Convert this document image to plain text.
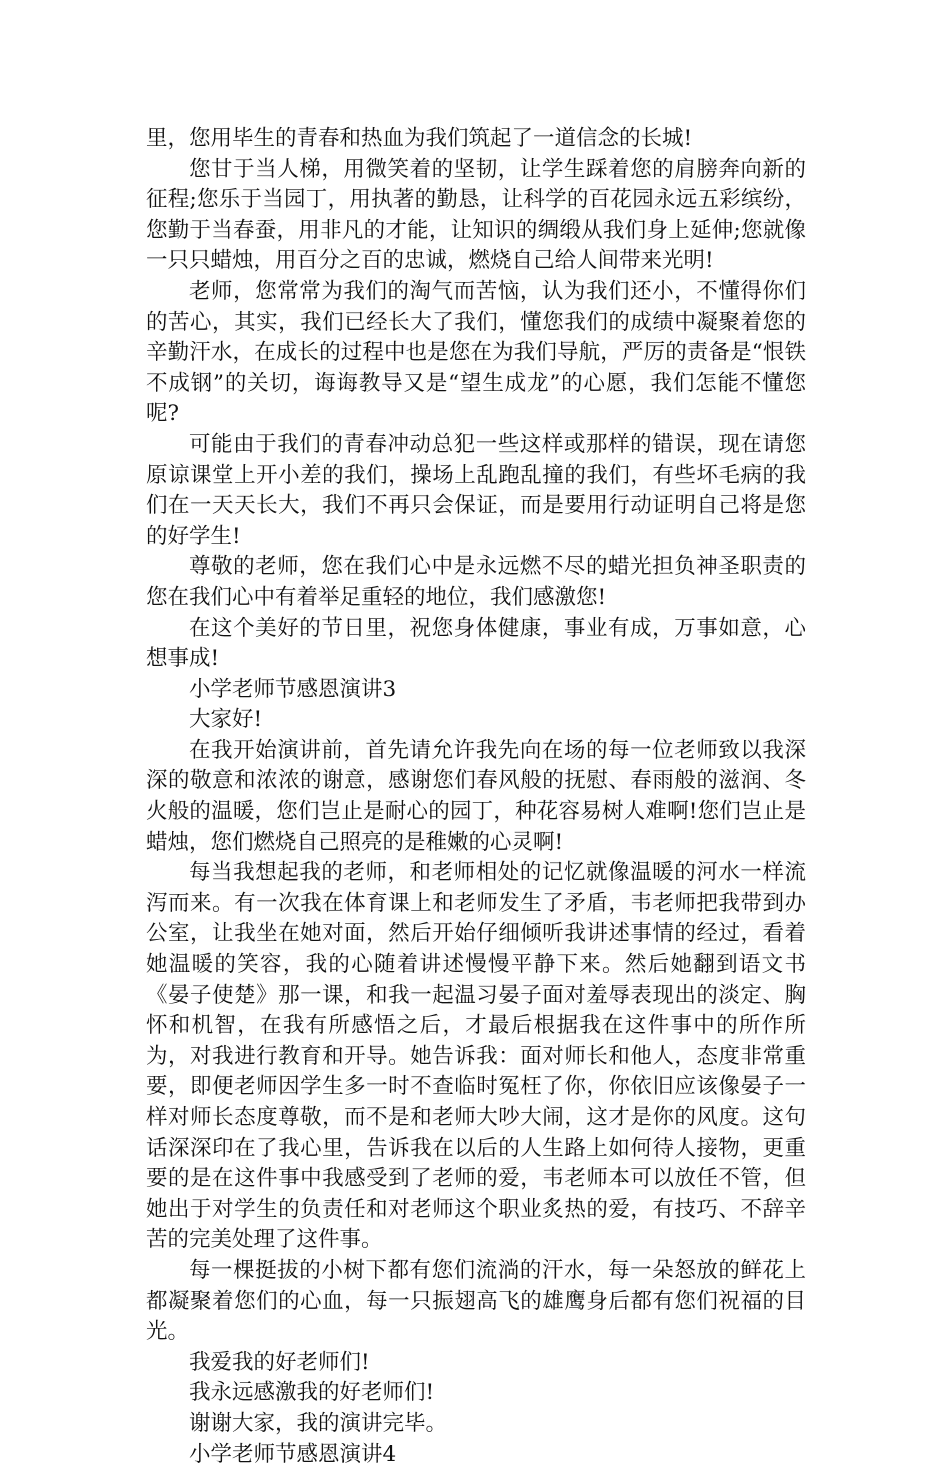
里，您用毕生的青春和热血为我们筑起了一道信念的长城!

您甘于当人梯，用微笑着的坚韧，让学生踩着您的肩膀奔向新的征程;您乐于当园丁，用执著的勤恳，让科学的百花园永远五彩缤纷，您勤于当春蚕，用非凡的才能，让知识的绸缎从我们身上延伸;您就像一只只蜡烛，用百分之百的忠诚，燃烧自己给人间带来光明!

老师，您常常为我们的淘气而苦恼，认为我们还小，不懂得你们的苦心，其实，我们已经长大了我们，懂您我们的成绩中凝聚着您的辛勤汗水，在成长的过程中也是您在为我们导航，严厉的责备是“恨铁不成钢”的关切，诲诲教导又是“望生成龙”的心愿，我们怎能不懂您呢?

可能由于我们的青春冲动总犯一些这样或那样的错误，现在请您原谅课堂上开小差的我们，操场上乱跑乱撞的我们，有些坏毛病的我们在一天天长大，我们不再只会保证，而是要用行动证明自己将是您的好学生!

尊敬的老师，您在我们心中是永远燃不尽的蜡光担负神圣职责的您在我们心中有着举足重轻的地位，我们感激您!

在这个美好的节日里，祝您身体健康，事业有成，万事如意，心想事成!

小学老师节感恩演讲3

大家好!

在我开始演讲前，首先请允许我先向在场的每一位老师致以我深深的敬意和浓浓的谢意，感谢您们春风般的抚慰、春雨般的滋润、冬火般的温暖，您们岂止是耐心的园丁，种花容易树人难啊!您们岂止是蜡烛，您们燃烧自己照亮的是稚嫩的心灵啊!

每当我想起我的老师，和老师相处的记忆就像温暖的河水一样流泻而来。有一次我在体育课上和老师发生了矛盾，韦老师把我带到办公室，让我坐在她对面，然后开始仔细倾听我讲述事情的经过，看着她温暖的笑容，我的心随着讲述慢慢平静下来。然后她翻到语文书《晏子使楚》那一课，和我一起温习晏子面对羞辱表现出的淡定、胸怀和机智，在我有所感悟之后，才最后根据我在这件事中的所作所为，对我进行教育和开导。她告诉我：面对师长和他人，态度非常重要，即便老师因学生多一时不查临时冤枉了你，你依旧应该像晏子一样对师长态度尊敬，而不是和老师大吵大闹，这才是你的风度。这句话深深印在了我心里，告诉我在以后的人生路上如何待人接物，更重要的是在这件事中我感受到了老师的爱，韦老师本可以放任不管，但她出于对学生的负责任和对老师这个职业炙热的爱，有技巧、不辞辛苦的完美处理了这件事。

每一棵挺拔的小树下都有您们流淌的汗水，每一朵怒放的鲜花上都凝聚着您们的心血，每一只振翅高飞的雄鹰身后都有您们祝福的目光。

我爱我的好老师们!

我永远感激我的好老师们!

谢谢大家，我的演讲完毕。

小学老师节感恩演讲4
